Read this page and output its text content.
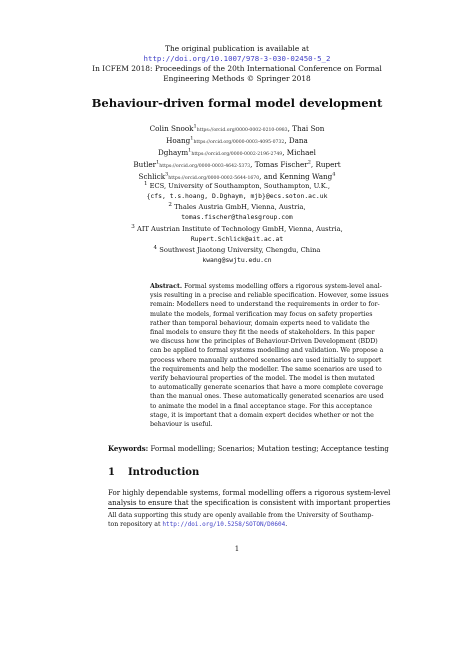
The original publication is available at
http://doi.org/10.1007/978-3-030-02450-5_2
In ICFEM 2018: Proceedings of the 20th International Conference on Formal
Engineering Methods © Springer 2018
Behaviour-driven formal model development
Colin Snook$^1$https://orcid.org/0000-0002-0210-0983, Thai Son
Hoang$^1$https://orcid.org/0000-0003-4095-0732, Dana
Dghaym$^1$https://orcid.org/0000-0002-2196-2749, Michael
Butler$^1$https://orcid.org/0000-0003-4642-5373, Tomas Fischer$^2$, Rupert
Schlick$^3$https://orcid.org/0000-0002-5644-1670, and Kenning Wang$^4$
$^1$ ECS, University of Southampton, Southampton, U.K.,
{cfs, t.s.hoang, D.Dghaym, mjb}@ecs.soton.ac.uk
$^2$ Thales Austria GmbH, Vienna, Austria,
tomas.fischer@thalesgroup.com
$^3$ AIT Austrian Institute of Technology GmbH, Vienna, Austria,
Rupert.Schlick@ait.ac.at
$^4$ Southwest Jiaotong University, Chengdu, China
kwang@swjtu.edu.cn
Abstract. Formal systems modelling offers a rigorous system-level anal-
ysis resulting in a precise and reliable specification. However, some issues
remain: Modellers need to understand the requirements in order to for-
mulate the models, formal verification may focus on safety properties
rather than temporal behaviour, domain experts need to validate the
final models to ensure they fit the needs of stakeholders. In this paper
we discuss how the principles of Behaviour-Driven Development (BDD)
can be applied to formal systems modelling and validation. We propose a
process where manually authored scenarios are used initially to support
the requirements and help the modeller. The same scenarios are used to
verify behavioural properties of the model. The model is then mutated
to automatically generate scenarios that have a more complete coverage
than the manual ones. These automatically generated scenarios are used
to animate the model in a final acceptance stage. For this acceptance
stage, it is important that a domain expert decides whether or not the
behaviour is useful.
Keywords: Formal modelling; Scenarios; Mutation testing; Acceptance testing
1 Introduction
For highly dependable systems, formal modelling offers a rigorous system-level
analysis to ensure that the specification is consistent with important properties
All data supporting this study are openly available from the University of Southamp-
ton repository at http://doi.org/10.5258/SOTON/D0604.
1
